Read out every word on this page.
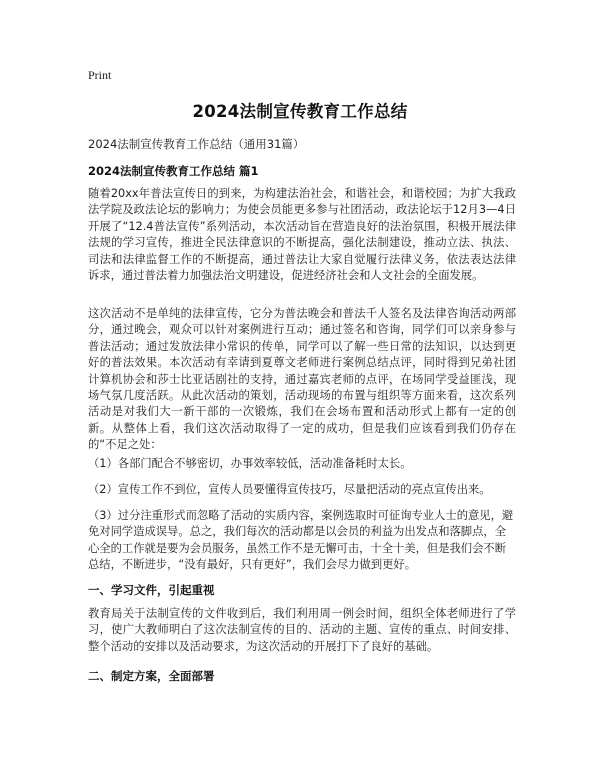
Print
2024法制宣传教育工作总结
2024法制宣传教育工作总结（通用31篇）
2024法制宣传教育工作总结 篇1

随着20xx年普法宣传日的到来，为构建法治社会，和谐社会，和谐校园；为扩大我政法学院及政法论坛的影响力；为使会员能更多参与社团活动，政法论坛于12月3—4日开展了“12.4普法宣传”系列活动，本次活动旨在营造良好的法治氛围，积极开展法律法规的学习宣传，推进全民法律意识的不断提高，强化法制建设，推动立法、执法、司法和法律监督工作的不断提高，通过普法让大家自觉履行法律义务，依法表达法律诉求，通过普法着力加强法治文明建设，促进经济社会和人文社会的全面发展。

这次活动不是单纯的法律宣传，它分为普法晚会和普法千人签名及法律咨询活动两部分，通过晚会，观众可以针对案例进行互动；通过签名和咨询，同学们可以亲身参与普法活动；通过发放法律小常识的传单，同学可以了解一些日常的法知识，以达到更好的普法效果。本次活动有幸请到夏尊文老师进行案例总结点评，同时得到兄弟社团计算机协会和莎士比亚话剧社的支持，通过嘉宾老师的点评，在场同学受益匪浅，现场气氛几度活跃。从此次活动的策划，活动现场的布置与组织等方面来看，这次系列活动是对我们大一新干部的一次锻炼，我们在会场布置和活动形式上都有一定的创新。从整体上看，我们这次活动取得了一定的成功，但是我们应该看到我们仍存在的“不足之处：

（1）各部门配合不够密切，办事效率较低，活动准备耗时太长。

（2）宣传工作不到位，宣传人员要懂得宣传技巧，尽量把活动的亮点宣传出来。

（3）过分注重形式而忽略了活动的实质内容，案例选取时可征询专业人士的意见，避免对同学造成误导。总之，我们每次的活动都是以会员的利益为出发点和落脚点，全心全的工作就是要为会员服务，虽然工作不是无懈可击，十全十美，但是我们会不断总结，不断进步，“没有最好，只有更好”，我们会尽力做到更好。

一、学习文件，引起重视

教育局关于法制宣传的文件收到后，我们利用周一例会时间，组织全体老师进行了学习，使广大教师明白了这次法制宣传的目的、活动的主题、宣传的重点、时间安排、整个活动的安排以及活动要求，为这次活动的开展打下了良好的基础。

二、制定方案，全面部署
